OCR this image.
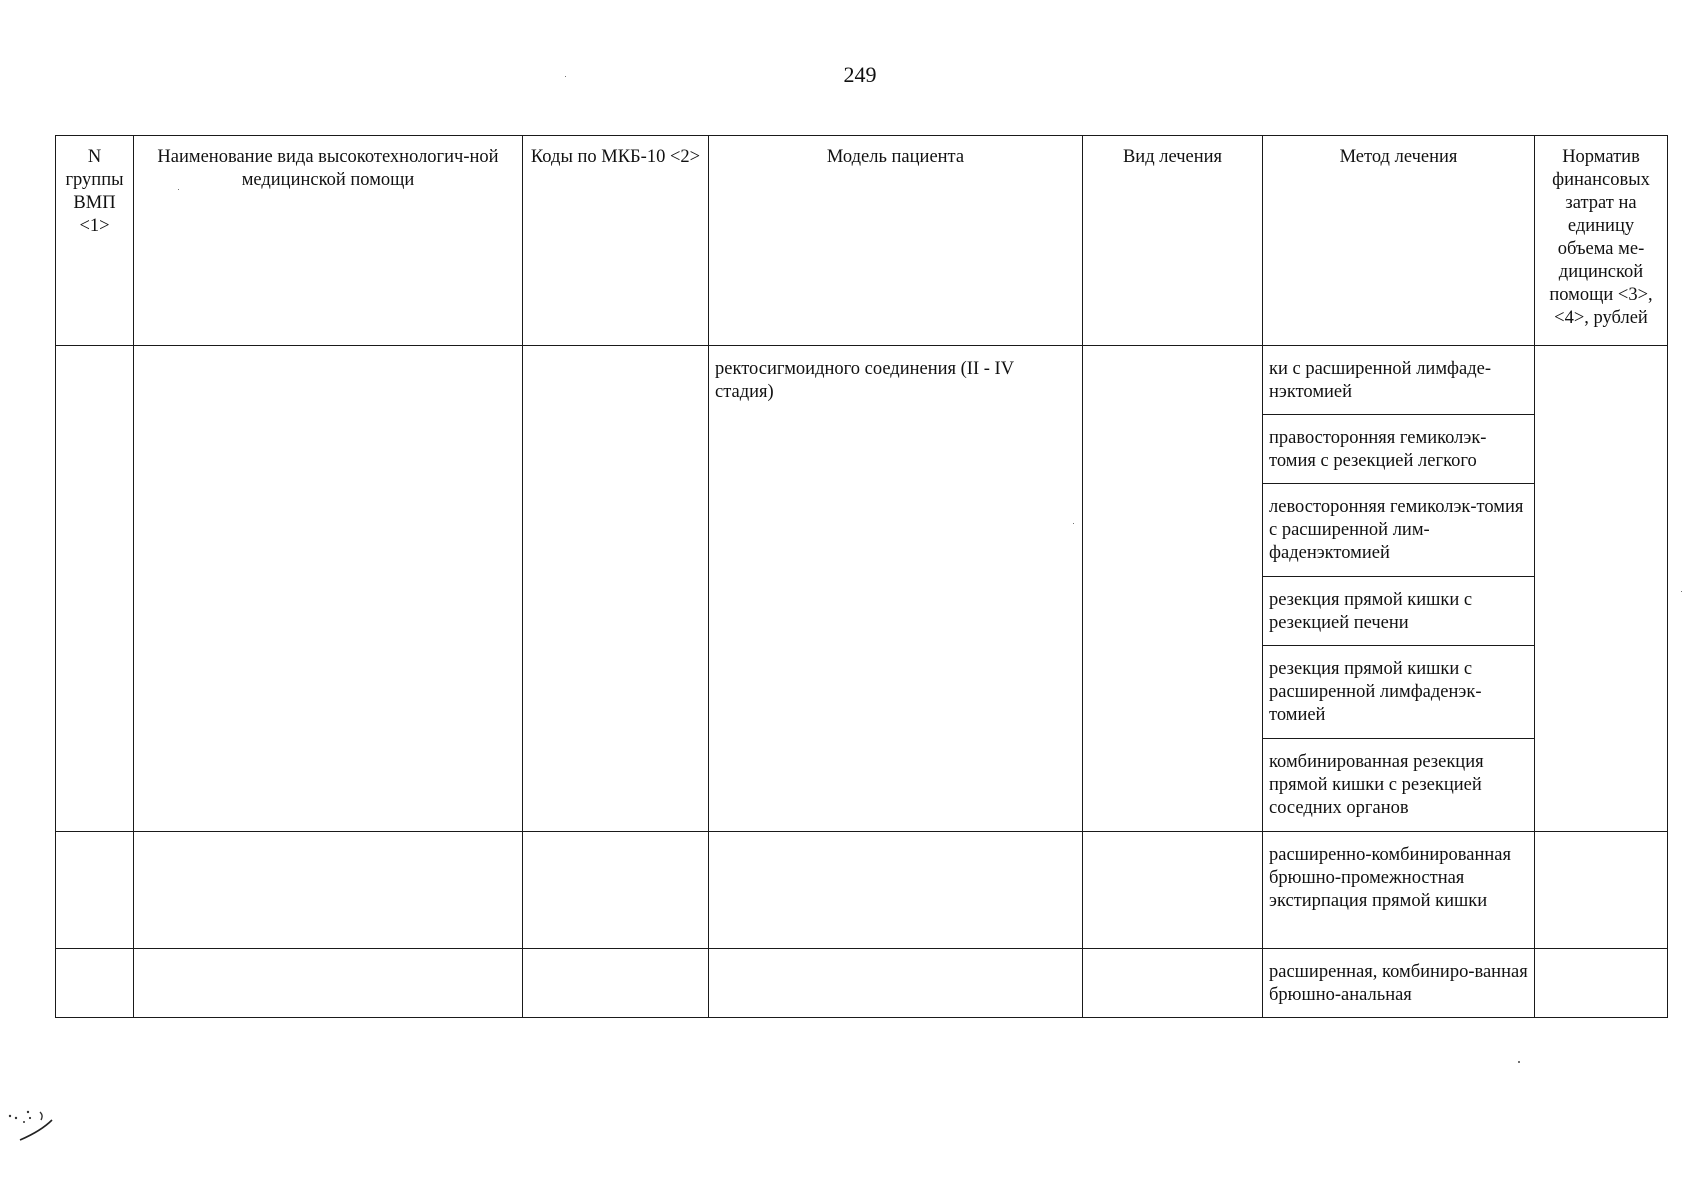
249
N группы ВМП <1>	Наименование вида высокотехнологич-ной медицинской помощи	Коды по МКБ-10 <2>	Модель пациента	Вид лечения	Метод лечения	Норматив финансовых затрат на единицу объема ме-дицинской помощи <3>, <4>, рублей
			ректосигмоидного соединения (II - IV стадия)		ки с расширенной лимфаде-нэктомией	
					правосторонняя гемиколэк-томия с резекцией легкого	
					левосторонняя гемиколэк-томия с расширенной лим-фаденэктомией	
					резекция прямой кишки с резекцией печени	
					резекция прямой кишки с расширенной лимфаденэк-томией	
					комбинированная резекция прямой кишки с резекцией соседних органов	
					расширенно-комбинированная брюшно-промежностная экстирпация прямой кишки	
					расширенная, комбиниро-ванная брюшно-анальная	
